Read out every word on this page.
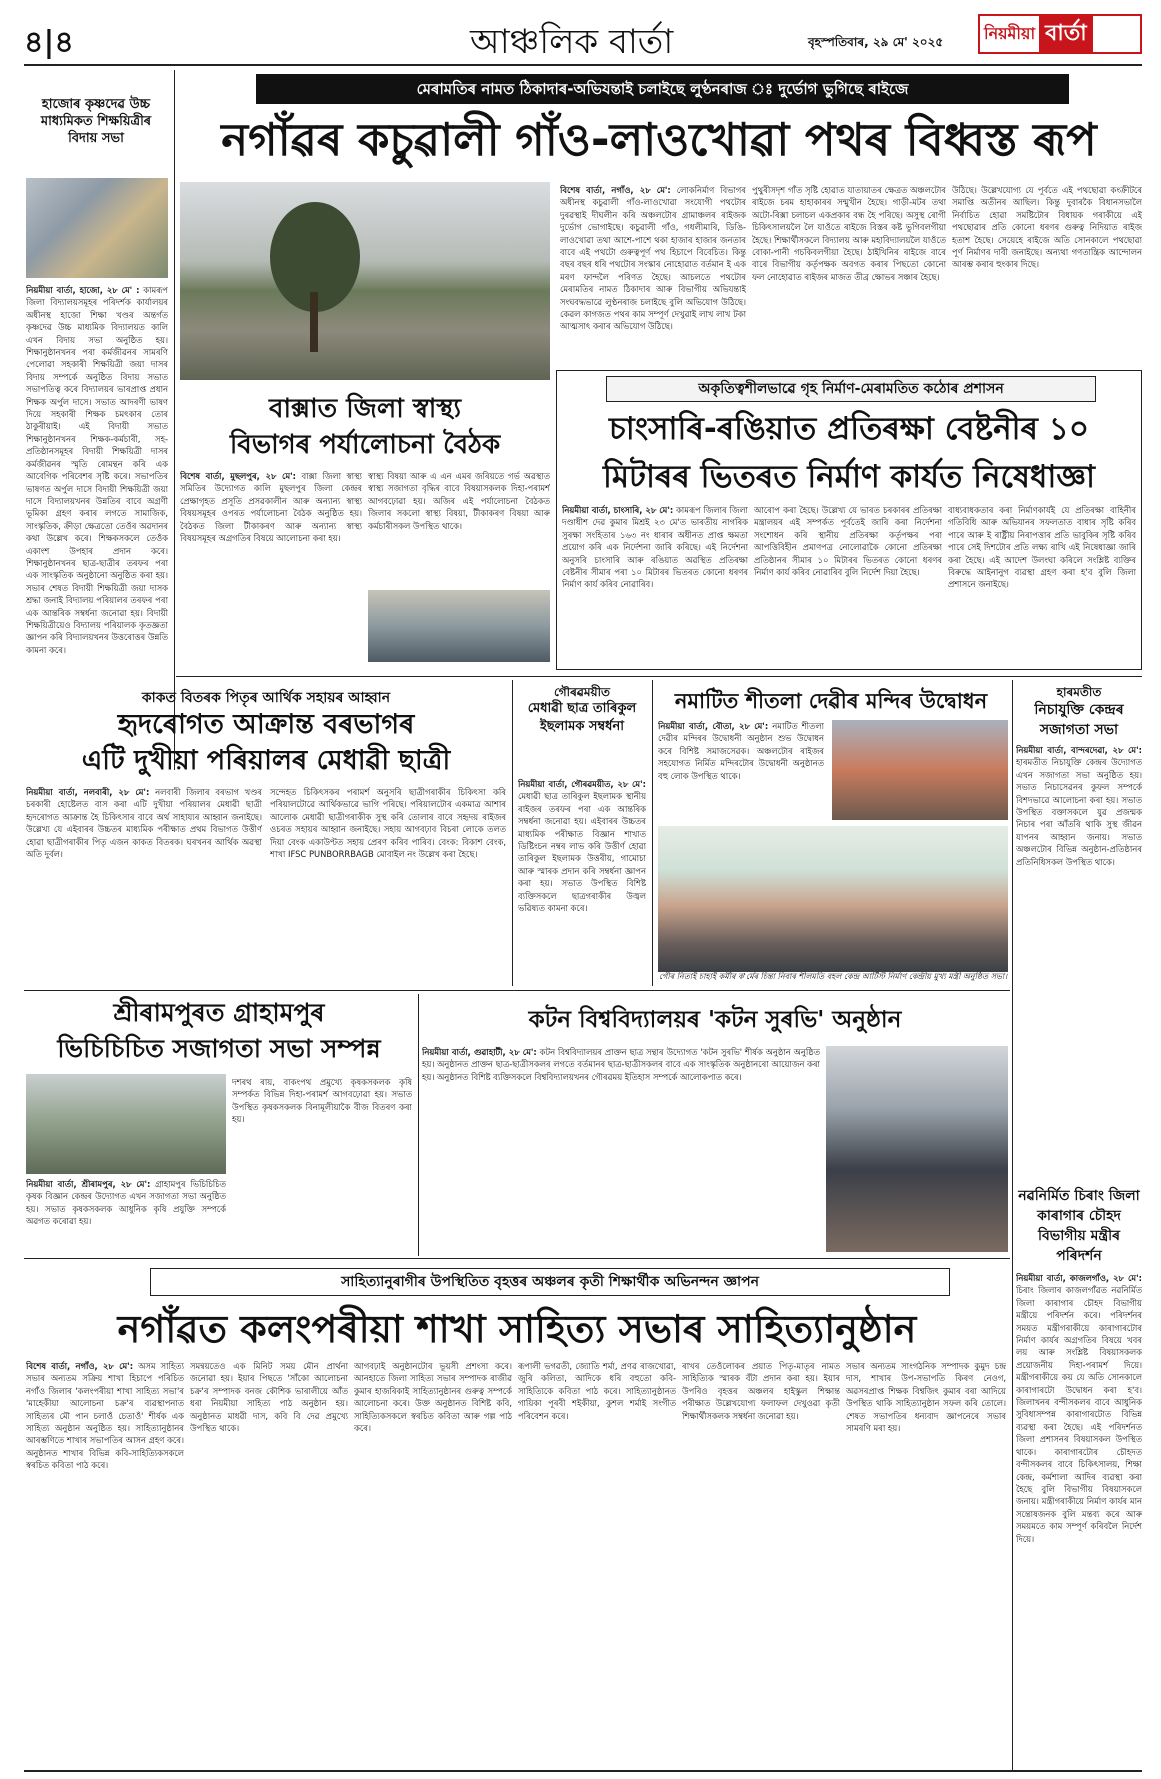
৪|৪	আঞ্চলিক বাৰ্তা	বৃহস্পতিবাৰ, ২৯ মে' ২০২৫	নিয়মীয়া বাৰ্তা
হাজোৰ কৃষ্ণদেৱ উচ্চ মাধ্যমিকত শিক্ষয়িত্ৰীৰ বিদায় সভা
নিয়মীয়া বাৰ্তা, হাজো, ২৮ মে' : কামৰূপ জিলা বিদ্যালয়সমূহৰ পৰিদৰ্শক কাৰ্যালয়ৰ অধীনস্থ হাজো শিক্ষা খণ্ডৰ অন্তৰ্গত কৃষ্ণদেৱ উচ্চ মাধ্যমিক বিদ্যালয়ত কালি এখন বিদায় সভা অনুষ্ঠিত হয়। শিক্ষানুষ্ঠানখনৰ পৰা কৰ্মজীৱনৰ সামৰণি পেলোৱা সহকাৰী শিক্ষয়িত্ৰী জয়া দাসৰ বিদায় সম্পৰ্কে অনুষ্ঠিত বিদায় সভাত সভাপতিত্ব কৰে বিদ্যালয়ৰ ভাৰপ্ৰাপ্ত প্ৰধান শিক্ষক অৰ্পুল দাসে। সভাত আদৰণী ভাষণ দিয়ে সহকাৰী শিক্ষক চমৎকাৰ তোৰ ঠাকুৰীয়াই। এই বিদায়ী সভাত শিক্ষানুষ্ঠানখনৰ শিক্ষক-কৰ্মচাৰী, সহ-প্ৰতিষ্ঠানসমূহৰ বিদায়ী শিক্ষয়িত্ৰী দাসৰ কৰ্মজীৱনৰ স্মৃতি ৰোমন্থন কৰি এক আবেগিক পৰিবেশৰ সৃষ্টি কৰে। সভাপতিৰ ভাষণত অৰ্পুল দাসে বিদায়ী শিক্ষয়িত্ৰী জয়া দাসে বিদ্যালয়খনৰ উন্নতিৰ বাবে অগ্ৰণী ভূমিকা গ্ৰহণ কৰাৰ লগতে সামাজিক, সাংস্কৃতিক, ক্ৰীড়া ক্ষেত্ৰতো তেওঁৰ অৱদানৰ কথা উল্লেখ কৰে। শিক্ষকসকলে তেওঁক একাংশ উপহাৰ প্ৰদান কৰে। শিক্ষানুষ্ঠানখনৰ ছাত্ৰ-ছাত্ৰীৰ তৰফৰ পৰা এক সাংস্কৃতিক অনুষ্ঠানো অনুষ্ঠিত কৰা হয়। সভাৰ শেষত বিদায়ী শিক্ষয়িত্ৰী জয়া দাসক শ্ৰদ্ধা জনাই বিদ্যালয় পৰিয়ালৰ তৰফৰ পৰা এক আন্তৰিক সম্বৰ্ধনা জনোৱা হয়। বিদায়ী শিক্ষয়িত্ৰীয়েও বিদ্যালয় পৰিয়ালক কৃতজ্ঞতা জ্ঞাপন কৰি বিদ্যালয়খনৰ উত্তৰোত্তৰ উন্নতি কামনা কৰে।
মেৰামতিৰ নামত ঠিকাদাৰ-অভিযন্তাই চলাইছে লুণ্ঠনৰাজ ঃ দুৰ্ভোগ ভুগিছে ৰাইজে
নগাঁৱৰ কচুৱালী গাঁও-লাওখোৱা পথৰ বিধ্বস্ত ৰূপ
বিশেষ বাৰ্তা, নগাঁও, ২৮ মে': লোকনিৰ্মাণ বিভাগৰ অধীনস্থ কচুৱালী গাঁও-লাওখোৱা সংযোগী পথটোৰ দুৰৱস্থাই দীঘলীন কৰি অঞ্চলটোৰ গ্ৰামাঞ্চলৰ ৰাইজক দুৰ্ভোগ ভোগাইছে। কচুৱালী গাঁও, গধলীমাৰি, ডিঙি-লাওখোৱা তথা আশে-পাশে থকা হাজাৰ হাজাৰ জনতাৰ বাবে এই পথটো গুৰুত্বপূৰ্ণ পথ হিচাপে বিবেচিত। কিন্তু বছৰ বছৰ ধৰি পথটোৰ সংস্কাৰ নোহোৱাত বৰ্তমান ই এক মৰণ ফান্দলৈ পৰিণত হৈছে। আচলতে পথটোৰ মেৰামতিৰ নামত ঠিকাদাৰ আৰু বিভাগীয় অভিযন্তাই সংঘবদ্ধভাৱে লুণ্ঠনৰাজ চলাইছে বুলি অভিযোগ উঠিছে। কেৱল কাগজত পথৰ কাম সম্পূৰ্ণ দেখুৱাই লাখ লাখ টকা আত্মসাৎ কৰাৰ অভিযোগ উঠিছে।
পুথুৰীসদৃশ গাঁত সৃষ্টি হোৱাত যাতায়াতৰ ক্ষেত্ৰত অঞ্চলটোৰ ৰাইজে চৰম হাহাকাৰৰ সন্মুখীন হৈছে। গাড়ী-মটৰ তথা অটো-ৰিক্সা চলাচল একপ্ৰকাৰ বন্ধ হৈ পৰিছে। অসুস্থ ৰোগী চিকিৎসালয়লৈ লৈ যাওঁতে ৰাইজে বিস্তৰ কষ্ট ভুগিবলগীয়া হৈছে। শিক্ষাৰ্থীসকলে বিদ্যালয় আৰু মহাবিদ্যালয়লৈ যাওঁতে বোকা-পানী গচকিবলগীয়া হৈছে। ঠাইখিনিৰ ৰাইজে বাৰে বাৰে বিভাগীয় কৰ্তৃপক্ষক অবগত কৰাৰ পিছতো কোনো ফল নোহোৱাত ৰাইজৰ মাজত তীব্ৰ ক্ষোভৰ সঞ্চাৰ হৈছে।
উঠিছে। উল্লেখযোগ্য যে পূৰ্বতে এই পথছোৱা কংক্ৰীটৰে সমাপ্তি অতীনৰ আছিল। কিন্তু দুবাৰকৈ বিধানসভালৈ নিৰ্বাচিত হোৱা সমষ্টিটোৰ বিধায়ক গৰাকীয়ে এই পথছোৱাৰ প্ৰতি কোনো ধৰণৰ গুৰুত্ব নিদিয়াত ৰাইজ হতাশ হৈছে। সেয়েহে ৰাইজে অতি সোনকালে পথছোৱা পূৰ্ণ নিৰ্মাণৰ দাবী জনাইছে। অন্যথা গণতান্ত্ৰিক আন্দোলন আৰম্ভ কৰাৰ হুংকাৰ দিছে।
বাক্সাত জিলা স্বাস্থ্য
বিভাগৰ পৰ্যালোচনা বৈঠক
বিশেষ বাৰ্তা, মুছলপুৰ, ২৮ মে': বাক্সা জিলা স্বাস্থ্য সমিতিৰ উদ্যোগত কালি মুছলপুৰ জিলা কেন্দ্ৰৰ প্ৰেক্ষাগৃহত প্ৰসূতি প্ৰসৱকালীন আৰু অন্যান্য স্বাস্থ্য বিষয়সমূহৰ ওপৰত পৰ্যালোচনা বৈঠক অনুষ্ঠিত হয়। বৈঠকত জিলা টীকাকৰণ আৰু অন্যান্য স্বাস্থ্য বিষয়সমূহৰ অগ্ৰগতিৰ বিষয়ে আলোচনা কৰা হয়।
স্বাস্থ্য বিষয়া আৰু এ এন এমৰ জৰিয়তে গৰ্ভ অৱস্থাত স্বাস্থ্য সজাগতা বৃদ্ধিৰ বাবে বিষয়াসকলক দিহা-পৰামৰ্শ আগবঢ়োৱা হয়। অজিৰ এই পৰ্যালোচনা বৈঠকত জিলাৰ সকলো স্বাস্থ্য বিষয়া, টীকাকৰণ বিষয়া আৰু কৰ্মচাৰীসকল উপস্থিত থাকে।
অকৃতিত্বশীলভাৱে গৃহ নিৰ্মাণ-মেৰামতিত কঠোৰ প্ৰশাসন
চাংসাৰি-ৰঙিয়াত প্ৰতিৰক্ষা বেষ্টনীৰ ১০
মিটাৰৰ ভিতৰত নিৰ্মাণ কাৰ্যত নিষেধাজ্ঞা
নিয়মীয়া বাৰ্তা, চাংসাৰি, ২৮ মে': কামৰূপ জিলাৰ জিলা দণ্ডাধীশ দেৱ কুমাৰ মিশ্ৰই ২৩ মে'ত ভাৰতীয় নাগৰিক সুৰক্ষা সংহিতাৰ ১৬৩ নং ধাৰাৰ অধীনত প্ৰাপ্ত ক্ষমতা প্ৰয়োগ কৰি এক নিৰ্দেশনা জাৰি কৰিছে। এই নিৰ্দেশনা অনুসৰি চাংসাৰি আৰু ৰঙিয়াত অৱস্থিত প্ৰতিৰক্ষা বেষ্টনীৰ সীমাৰ পৰা ১০ মিটাৰৰ ভিতৰত কোনো ধৰণৰ নিৰ্মাণ কাৰ্য কৰিব নোৱাৰিব।
আৰোপ কৰা হৈছে। উল্লেখ্য যে ভাৰত চৰকাৰৰ প্ৰতিৰক্ষা মন্ত্ৰালয়ৰ এই সম্পৰ্কত পূৰ্বতেই জাৰি কৰা নিৰ্দেশনা সংশোধন কৰি স্থানীয় প্ৰতিৰক্ষা কৰ্তৃপক্ষৰ পৰা আপত্তিবিহীন প্ৰমাণপত্ৰ নোলোৱাকৈ কোনো প্ৰতিৰক্ষা প্ৰতিষ্ঠানৰ সীমাৰ ১০ মিটাৰৰ ভিতৰত কোনো ধৰণৰ নিৰ্মাণ কাৰ্য কৰিব নোৱাৰিব বুলি নিৰ্দেশ দিয়া হৈছে।
বাধ্যবাধকতাৰ কৰা নিৰ্মাণকাৰ্যই যে প্ৰতিৰক্ষা বাহিনীৰ গতিবিধি আৰু অভিযানৰ সফলতাত বাধাৰ সৃষ্টি কৰিব পাৰে আৰু ই ৰাষ্ট্ৰীয় নিৰাপত্তাৰ প্ৰতি ভাবুকিৰ সৃষ্টি কৰিব পাৰে সেই দিশটোৰ প্ৰতি লক্ষ্য ৰাখি এই নিষেধাজ্ঞা জাৰি কৰা হৈছে। এই আদেশ উলংঘা কৰিলে সংশ্লিষ্ট ব্যক্তিৰ বিৰুদ্ধে আইনানুগ ব্যৱস্থা গ্ৰহণ কৰা হ'ব বুলি জিলা প্ৰশাসনে জনাইছে।
কাকত বিতৰক পিতৃৰ আৰ্থিক সহায়ৰ আহ্বান
হৃদৰোগত আক্ৰান্ত বৰভাগৰ
এটি দুখীয়া পৰিয়ালৰ মেধাৱী ছাত্ৰী
নিয়মীয়া বাৰ্তা, নলবাৰী, ২৮ মে': নলবাৰী জিলাৰ বৰভাগ খণ্ডৰ চৰকাৰী হোষ্টেলত বাস কৰা এটি দুখীয়া পৰিয়ালৰ মেধাৱী ছাত্ৰী হৃদৰোগত আক্ৰান্ত হৈ চিকিৎসাৰ বাবে অৰ্থ সাহায্যৰ আহ্বান জনাইছে। উল্লেখ্য যে এইবাৰৰ উচ্চতৰ মাধ্যমিক পৰীক্ষাত প্ৰথম বিভাগত উত্তীৰ্ণ হোৱা ছাত্ৰীগৰাকীৰ পিতৃ এজন কাকত বিতৰক। ঘৰখনৰ আৰ্থিক অৱস্থা অতি দুৰ্বল।
সন্দেহত চিকিৎসকৰ পৰামৰ্শ অনুসৰি ছাত্ৰীগৰাকীৰ চিকিৎসা কৰি পৰিয়ালটোৱে আৰ্থিকভাৱে ভাগি পৰিছে। পৰিয়ালটোৰ একমাত্ৰ আশাৰ আলোক মেধাৱী ছাত্ৰীগৰাকীক সুস্থ কৰি তোলাৰ বাবে সহৃদয় ৰাইজৰ ওচৰত সহায়ৰ আহ্বান জনাইছে। সহায় আগবঢ়াব বিচৰা লোকে তলত দিয়া বেংক একাউণ্টত সহায় প্ৰেৰণ কৰিব পাৰিব। বেংক: বিকাশ বেংক, শাখা IFSC PUNBORRBAGB মোবাইল নং উল্লেখ কৰা হৈছে।
গৌৰৱময়ীত
মেধাৱী ছাত্ৰ তাৰিকুল ইছলামক সম্বৰ্ধনা
নিয়মীয়া বাৰ্তা, গৌৰৱময়ীত, ২৮ মে': মেধাৱী ছাত্ৰ তাৰিকুল ইছলামক স্থানীয় ৰাইজৰ তৰফৰ পৰা এক আন্তৰিক সম্বৰ্ধনা জনোৱা হয়। এইবাৰৰ উচ্চতৰ মাধ্যমিক পৰীক্ষাত বিজ্ঞান শাখাত ডিষ্টিংচন নম্বৰ লাভ কৰি উত্তীৰ্ণ হোৱা তাৰিকুল ইছলামক উত্তৰীয়, গামোচা আৰু স্মাৰক প্ৰদান কৰি সম্বৰ্ধনা জ্ঞাপন কৰা হয়। সভাত উপস্থিত বিশিষ্ট ব্যক্তিসকলে ছাত্ৰগৰাকীৰ উজ্বল ভৱিষ্যত কামনা কৰে।
নমাটিত শীতলা দেৱীৰ মন্দিৰ উদ্বোধন
নিয়মীয়া বাৰ্তা, বৌতা, ২৮ মে': নমাটিত শীতলা দেৱীৰ মন্দিৰৰ উদ্বোধনী অনুষ্ঠান শুভ উদ্বোধন কৰে বিশিষ্ট সমাজসেৱক। অঞ্চলটোৰ ৰাইজৰ সহযোগত নিৰ্মিত মন্দিৰটোৰ উদ্বোধনী অনুষ্ঠানত বহু লোক উপস্থিত থাকে।
গৌৰ নিতাই চাহাই কৰ্মীৰ ক'ৰ্মেৰ চিন্তা নিবাৰ শীলমতি বহল কেন্দ্ৰ আৰ্টিস্ট নিৰ্মাণ কেন্দ্ৰীয় মুখ্য মন্ত্ৰী অনুষ্ঠিত সভা।
হাৰমতীত
নিচাযুক্তি কেন্দ্ৰৰ সজাগতা সভা
নিয়মীয়া বাৰ্তা, বান্দৰদেৱা, ২৮ মে': হাৰমতীত নিচাযুক্তি কেন্দ্ৰৰ উদ্যোগত এখন সজাগতা সভা অনুষ্ঠিত হয়। সভাত নিচাসেৱনৰ কুফল সম্পৰ্কে বিশদভাৱে আলোচনা কৰা হয়। সভাত উপস্থিত বক্তাসকলে যুৱ প্ৰজন্মক নিচাৰ পৰা আঁতৰি থাকি সুস্থ জীৱন যাপনৰ আহ্বান জনায়। সভাত অঞ্চলটোৰ বিভিন্ন অনুষ্ঠান-প্ৰতিষ্ঠানৰ প্ৰতিনিধিসকল উপস্থিত থাকে।
শ্ৰীৰামপুৰত গ্ৰাহামপুৰ
ভিচিচিচিত সজাগতা সভা সম্পন্ন
নিয়মীয়া বাৰ্তা, শ্ৰীৰামপুৰ, ২৮ মে': গ্ৰাহামপুৰ ভিচিচিচিত কৃষক বিজ্ঞান কেন্দ্ৰৰ উদ্যোগত এখন সজাগতা সভা অনুষ্ঠিত হয়। সভাত কৃষকসকলক আধুনিক কৃষি প্ৰযুক্তি সম্পৰ্কে অৱগত কৰোৱা হয়।
দশৰথ ৰায়, বাকংপথ প্ৰমুখ্যে কৃষকসকলক কৃষি সম্পৰ্কত বিভিন্ন দিহা-পৰামৰ্শ আগবঢ়োৱা হয়। সভাত উপস্থিত কৃষকসকলক বিনামূলীয়াকৈ বীজ বিতৰণ কৰা হয়।
কটন বিশ্ববিদ্যালয়ৰ 'কটন সুৰভি' অনুষ্ঠান
নিয়মীয়া বাৰ্তা, গুৱাহাটী, ২৮ মে': কটন বিশ্ববিদ্যালয়ৰ প্ৰাক্তন ছাত্ৰ সন্থাৰ উদ্যোগত 'কটন সুৰভি' শীৰ্ষক অনুষ্ঠান অনুষ্ঠিত হয়। অনুষ্ঠানত প্ৰাক্তন ছাত্ৰ-ছাত্ৰীসকলৰ লগতে বৰ্তমানৰ ছাত্ৰ-ছাত্ৰীসকলৰ বাবে এক সাংস্কৃতিক অনুষ্ঠানৰো আয়োজন কৰা হয়। অনুষ্ঠানত বিশিষ্ট ব্যক্তিসকলে বিশ্ববিদ্যালয়খনৰ গৌৰৱময় ইতিহাস সম্পৰ্কে আলোকপাত কৰে।
নৱনিৰ্মিত চিৰাং জিলা কাৰাগাৰ চৌহদ বিভাগীয় মন্ত্ৰীৰ পৰিদৰ্শন
নিয়মীয়া বাৰ্তা, কাজলগাঁও, ২৮ মে': চিৰাং জিলাৰ কাজলগাঁৱত নৱনিৰ্মিত জিলা কাৰাগাৰ চৌহদ বিভাগীয় মন্ত্ৰীয়ে পৰিদৰ্শন কৰে। পৰিদৰ্শনৰ সময়ত মন্ত্ৰীগৰাকীয়ে কাৰাগাৰটোৰ নিৰ্মাণ কাৰ্যৰ অগ্ৰগতিৰ বিষয়ে খবৰ লয় আৰু সংশ্লিষ্ট বিষয়াসকলক প্ৰয়োজনীয় দিহা-পৰামৰ্শ দিয়ে। মন্ত্ৰীগৰাকীয়ে কয় যে অতি সোনকালে কাৰাগাৰটো উদ্বোধন কৰা হ'ব। জিলাখনৰ বন্দীসকলৰ বাবে আধুনিক সুবিধাসম্পন্ন কাৰাগাৰটোত বিভিন্ন ব্যৱস্থা কৰা হৈছে। এই পৰিদৰ্শনত জিলা প্ৰশাসনৰ বিষয়াসকল উপস্থিত থাকে। কাৰাগাৰটোৰ চৌহদত বন্দীসকলৰ বাবে চিকিৎসালয়, শিক্ষা কেন্দ্ৰ, কৰ্মশালা আদিৰ ব্যৱস্থা কৰা হৈছে বুলি বিভাগীয় বিষয়াসকলে জনায়। মন্ত্ৰীগৰাকীয়ে নিৰ্মাণ কাৰ্যৰ মান সন্তোষজনক বুলি মন্তব্য কৰে আৰু সময়মতে কাম সম্পূৰ্ণ কৰিবলৈ নিৰ্দেশ দিয়ে।
সাহিত্যানুৰাগীৰ উপস্থিতিত বৃহত্তৰ অঞ্চলৰ কৃতী শিক্ষাৰ্থীক অভিনন্দন জ্ঞাপন
নগাঁৱত কলংপৰীয়া শাখা সাহিত্য সভাৰ সাহিত্যানুষ্ঠান
বিশেষ বাৰ্তা, নগাঁও, ২৮ মে': অসম সাহিত্য সভাৰ অন্যতম সক্ৰিয় শাখা হিচাপে পৰিচিত নগাঁও জিলাৰ 'কলংপৰীয়া শাখা সাহিত্য সভা'ৰ 'মাহেকীয়া আলোচনা চক্ৰ'ৰ ব্যৱস্থাপনাত সাহিত্যৰ মৌ পান চলাওঁ চেতাওঁ' শীৰ্ষক এক সাহিত্য অনুষ্ঠান অনুষ্ঠিত হয়। সাহিত্যানুষ্ঠানৰ আৰম্ভণিতে শাখাৰ সভাপতিৰ আসন গ্ৰহণ কৰে। অনুষ্ঠানত শাখাৰ বিভিন্ন কবি-সাহিত্যিকসকলে স্বৰচিত কবিতা পাঠ কৰে।
সমন্বয়তেও এক মিনিট সময় মৌন প্ৰাৰ্থনা জনোৱা হয়। ইয়াৰ পিছতে 'সাঁকো আলোচনা চক্ৰ'ৰ সম্পাদক বনজ কৌশিক ভাৰালীয়ে আঁত ধৰা নিয়মীয়া সাহিত্য পাঠ অনুষ্ঠান হয়। অনুষ্ঠানত মাধৱী দাস, কবি বি দেৱ প্ৰমুখ্যে উপস্থিত থাকে।
আগবঢ়াই অনুষ্ঠানটোৰ ভূয়সী প্ৰশংসা কৰে। আনহাতে জিলা সাহিত্য সভাৰ সম্পাদক ৰাজীৱ কুমাৰ হাজৰিকাই সাহিত্যানুষ্ঠানৰ গুৰুত্ব সম্পৰ্কে আলোচনা কৰে। উক্ত অনুষ্ঠানত বিশিষ্ট কবি, সাহিত্যিকসকলে স্বৰচিত কবিতা আৰু গল্প পাঠ কৰে।
ৰূপালী ভগৱতী, জ্যোতি শৰ্মা, প্ৰণৱ ৰাজখোৱা, জুৰি কলিতা, আদিকে ধৰি বহুতো কবি-সাহিত্যিকে কবিতা পাঠ কৰে। সাহিত্যানুষ্ঠানত গায়িকা পূৰবী শইকীয়া, কুশল শৰ্মাই সংগীত পৰিবেশন কৰে।
ৰাখৰ তেওঁলোকৰ প্ৰয়াত পিতৃ-মাতৃৰ নামত সাহিত্যিক স্মাৰক বঁটা প্ৰদান কৰা হয়। ইয়াৰ উপৰিও বৃহত্তৰ অঞ্চলৰ হাইস্কুল শিক্ষান্ত পৰীক্ষাত উল্লেখযোগ্য ফলাফল দেখুওৱা কৃতী শিক্ষাৰ্থীসকলক সম্বৰ্ধনা জনোৱা হয়।
সভাৰ অন্যতম সাংগঠনিক সম্পাদক কুমুদ চন্দ্ৰ দাস, শাখাৰ উপ-সভাপতি কিৰণ নেওগ, অৱসৰপ্ৰাপ্ত শিক্ষক বিশ্বজিৎ কুমাৰ বৰা আদিয়ে উপস্থিত থাকি সাহিত্যানুষ্ঠান সফল কৰি তোলে। শেষত সভাপতিৰ ধন্যবাদ জ্ঞাপনেৰে সভাৰ সামৰণি মৰা হয়।
